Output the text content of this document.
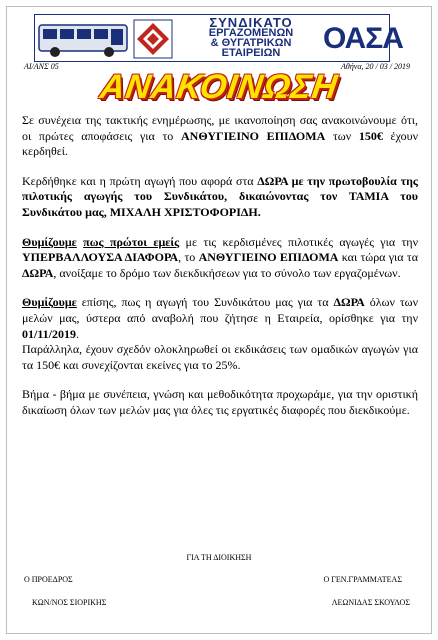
ΣΥΝΔΙΚΑΤΟ
ΕΡΓΑΖΟΜΕΝΩΝ
& ΘΥΓΑΤΡΙΚΩΝ
ΕΤΑΙΡΕΙΩΝ	ΟΑΣΑ
ΑΙ/ΑΝΣ 05	Αθήνα, 20 / 03 / 2019
ΑΝΑΚΟΙΝΩΣΗ

Σε συνέχεια της τακτικής ενημέρωσης, με ικανοποίηση σας ανακοινώνουμε ότι, οι πρώτες αποφάσεις για το ΑΝΘΥΓΙΕΙΝΟ ΕΠΙΔΟΜΑ των 150€ έχουν κερδηθεί.

Κερδήθηκε και η πρώτη αγωγή που αφορά στα ΔΩΡΑ με την πρωτοβουλία της πιλοτικής αγωγής του Συνδικάτου, δικαιώνοντας τον ΤΑΜΙΑ του Συνδικάτου μας, ΜΙΧΑΛΗ ΧΡΙΣΤΟΦΟΡΙΔΗ.

Θυμίζουμε πως πρώτοι εμείς με τις κερδισμένες πιλοτικές αγωγές για την ΥΠΕΡΒΑΛΛΟΥΣΑ ΔΙΑΦΟΡΑ, το ΑΝΘΥΓΙΕΙΝΟ ΕΠΙΔΟΜΑ και τώρα για τα ΔΩΡΑ, ανοίξαμε το δρόμο των διεκδικήσεων για το σύνολο των εργαζομένων.

Θυμίζουμε επίσης, πως η αγωγή του Συνδικάτου μας για τα ΔΩΡΑ όλων των μελών μας, ύστερα από αναβολή που ζήτησε η Εταιρεία, ορίσθηκε για την 01/11/2019.

Παράλληλα, έχουν σχεδόν ολοκληρωθεί οι εκδικάσεις των ομαδικών αγωγών για τα 150€ και συνεχίζονται εκείνες για το 25%.

Βήμα - βήμα με συνέπεια, γνώση και μεθοδικότητα προχωράμε, για την οριστική δικαίωση όλων των μελών μας για όλες τις εργατικές διαφορές που διεκδικούμε.

ΓΙΑ ΤΗ ΔΙΟΙΚΗΣΗ
Ο ΠΡΟΕΔΡΟΣ	Ο ΓΕΝ.ΓΡΑΜΜΑΤΕΑΣ
ΚΩΝ/ΝΟΣ ΣΙΟΡΙΚΗΣ	ΛΕΩΝΙΔΑΣ ΣΚΟΥΛΟΣ
